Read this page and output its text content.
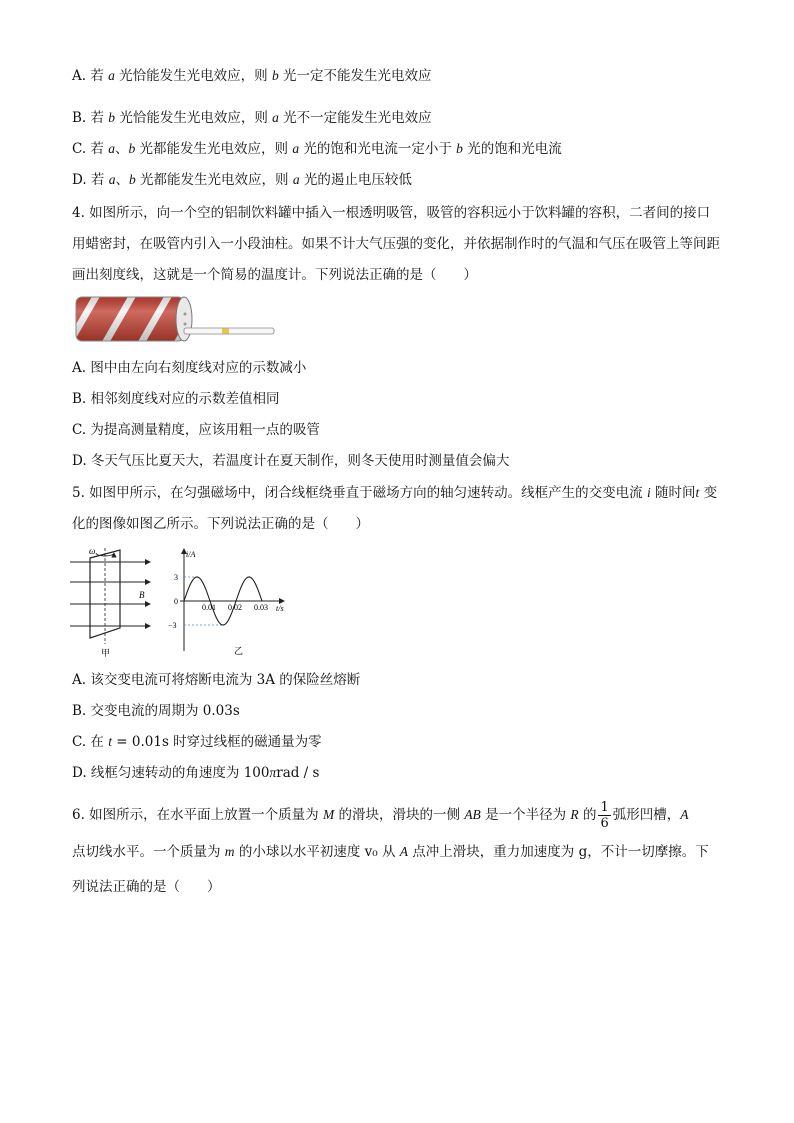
A. 若 a 光恰能发生光电效应，则 b 光一定不能发生光电效应
B. 若 b 光恰能发生光电效应，则 a 光不一定能发生光电效应
C. 若 a、b 光都能发生光电效应，则 a 光的饱和光电流一定小于 b 光的饱和光电流
D. 若 a、b 光都能发生光电效应，则 a 光的遏止电压较低
4. 如图所示，向一个空的铝制饮料罐中插入一根透明吸管，吸管的容积远小于饮料罐的容积，二者间的接口用蜡密封，在吸管内引入一小段油柱。如果不计大气压强的变化，并依据制作时的气温和气压在吸管上等间距画出刻度线，这就是一个简易的温度计。下列说法正确的是（　　）
A. 图中由左向右刻度线对应的示数减小
B. 相邻刻度线对应的示数差值相同
C. 为提高测量精度，应该用粗一点的吸管
D. 冬天气压比夏天大，若温度计在夏天制作，则冬天使用时测量值会偏大
5. 如图甲所示，在匀强磁场中，闭合线框绕垂直于磁场方向的轴匀速转动。线框产生的交变电流 i 随时间t 变化的图像如图乙所示。下列说法正确的是（　　）
ω
B
甲
i/A
t/s
0.01 0.02 0.03
3
0
−3
乙
A. 该交变电流可将熔断电流为 3A 的保险丝熔断
B. 交变电流的周期为 0.03s
C. 在 t = 0.01s 时穿过线框的磁通量为零
D. 线框匀速转动的角速度为 100πrad / s
6. 如图所示，在水平面上放置一个质量为 M 的滑块，滑块的一侧 AB 是一个半径为 R 的 $\frac{1}{6}$ 弧形凹槽，A
点切线水平。一个质量为 m 的小球以水平初速度 v₀ 从 A 点冲上滑块，重力加速度为 g，不计一切摩擦。下
列说法正确的是（　　）
